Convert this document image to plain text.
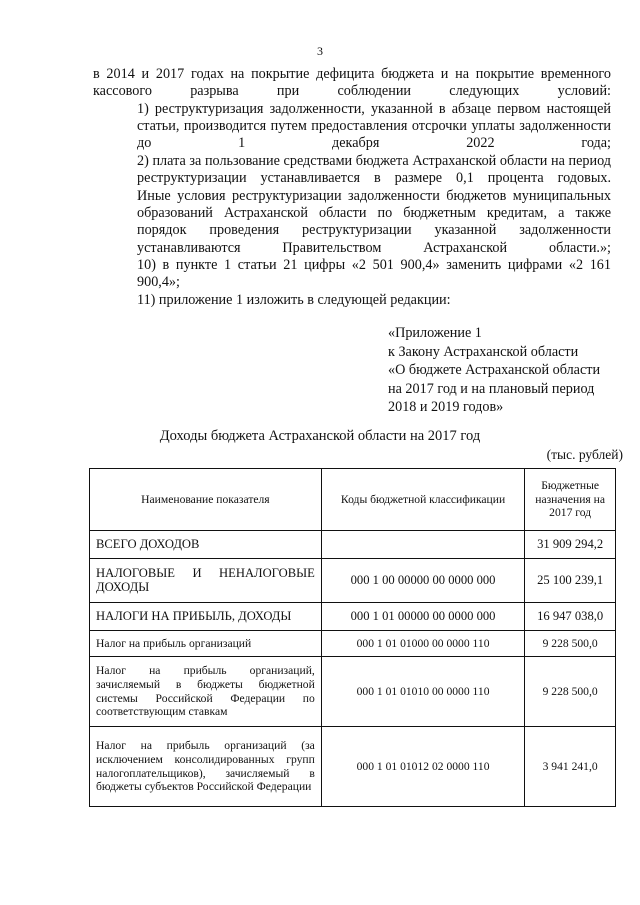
3

в 2014 и 2017 годах на покрытие дефицита бюджета и на покрытие временного кассового разрыва при соблюдении следующих условий:

1) реструктуризация задолженности, указанной в абзаце первом настоящей статьи, производится путем предоставления отсрочки уплаты задолженности до 1 декабря 2022 года;

2) плата за пользование средствами бюджета Астраханской области на период реструктуризации устанавливается в размере 0,1 процента годовых.

Иные условия реструктуризации задолженности бюджетов муниципальных образований Астраханской области по бюджетным кредитам, а также порядок проведения реструктуризации указанной задолженности устанавливаются Правительством Астраханской области.»;

10) в пункте 1 статьи 21 цифры «2 501 900,4» заменить цифрами «2 161 900,4»;

11) приложение 1 изложить в следующей редакции:

«Приложение 1
к Закону Астраханской области
«О бюджете Астраханской области
на 2017 год и на плановый период
2018 и 2019 годов»
Доходы бюджета Астраханской области на 2017 год
(тыс. рублей)
Наименование показателя	Коды бюджетной классификации	Бюджетные назначения на 2017 год
ВСЕГО ДОХОДОВ		31 909 294,2
НАЛОГОВЫЕ И НЕНАЛОГОВЫЕ ДОХОДЫ	000 1 00 00000 00 0000 000	25 100 239,1
НАЛОГИ НА ПРИБЫЛЬ, ДОХОДЫ	000 1 01 00000 00 0000 000	16 947 038,0
Налог на прибыль организаций	000 1 01 01000 00 0000 110	9 228 500,0
Налог на прибыль организаций, зачисляемый в бюджеты бюджетной системы Российской Федерации по соответствующим ставкам	000 1 01 01010 00 0000 110	9 228 500,0
Налог на прибыль организаций (за исключением консолидированных групп налогоплательщиков), зачисляемый в бюджеты субъектов Российской Федерации	000 1 01 01012 02 0000 110	3 941 241,0
